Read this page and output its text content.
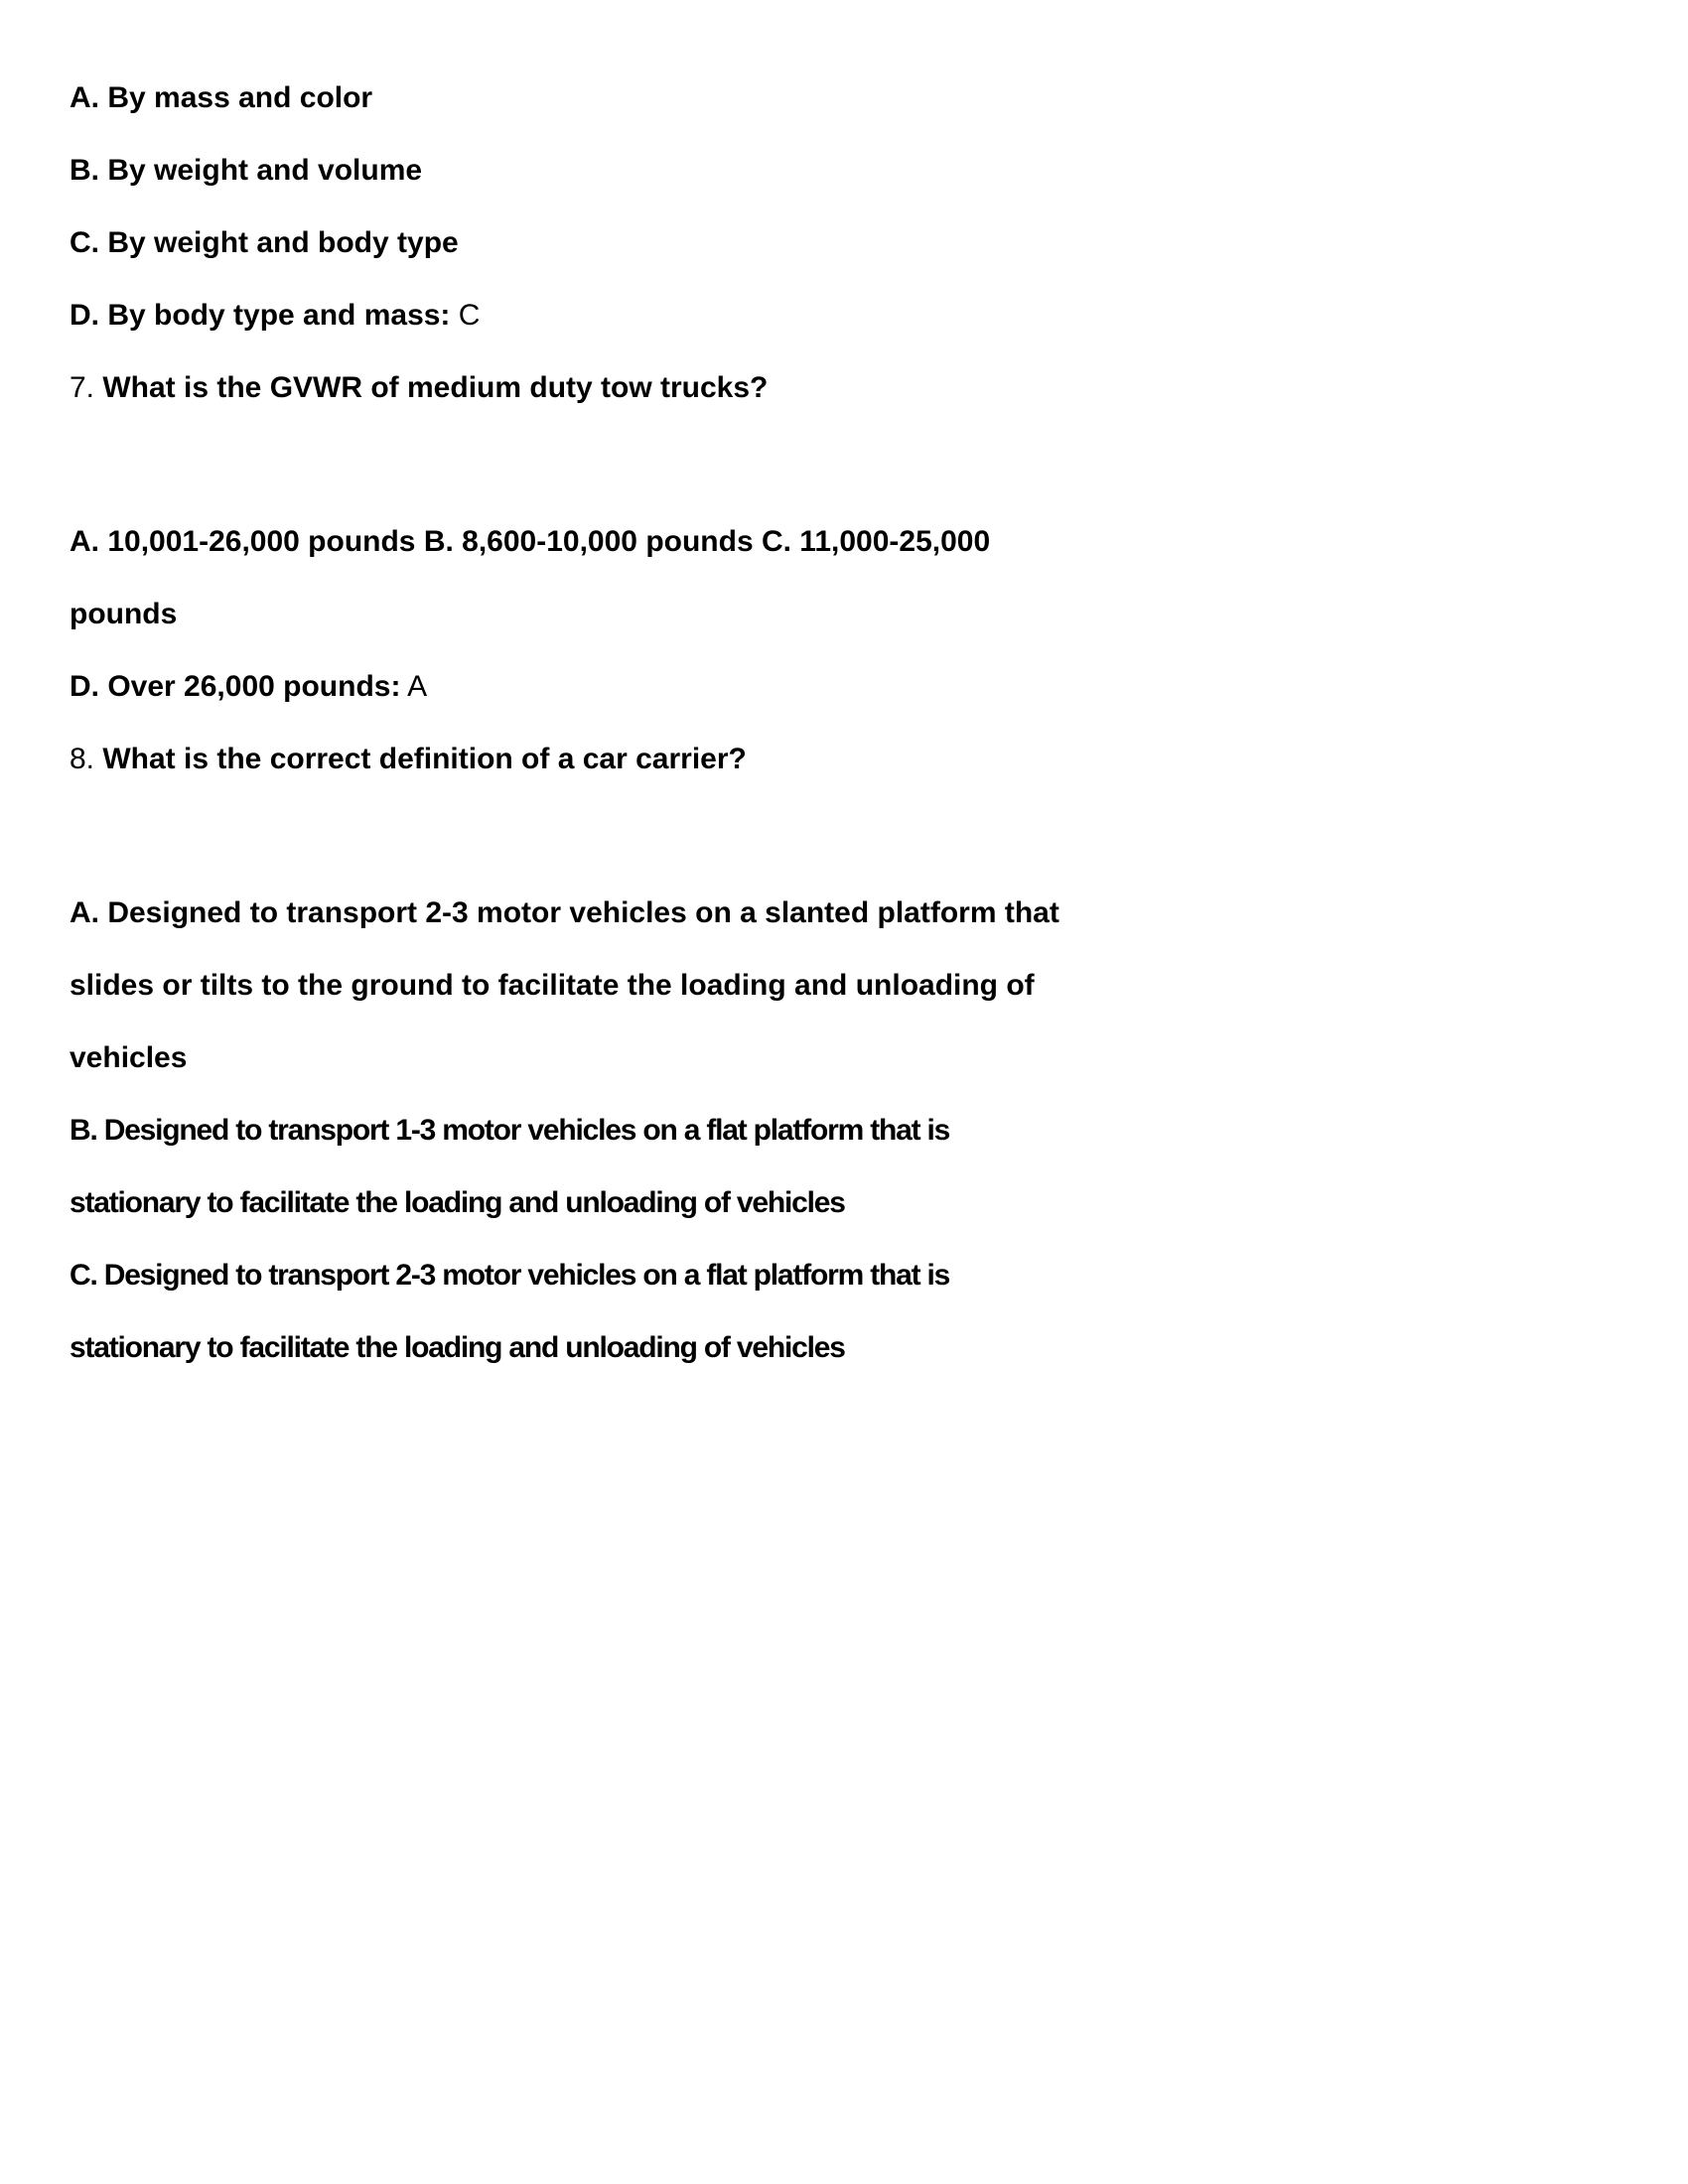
A. By mass and color
B. By weight and volume
C. By weight and body type
D. By body type and mass: C
7. What is the GVWR of medium duty tow trucks?
A. 10,001-26,000 pounds B. 8,600-10,000 pounds C. 11,000-25,000
pounds
D. Over 26,000 pounds: A
8. What is the correct definition of a car carrier?
A. Designed to transport 2-3 motor vehicles on a slanted platform that
slides or tilts to the ground to facilitate the loading and unloading of
vehicles
B. Designed to transport 1-3 motor vehicles on a flat platform that is
stationary to facilitate the loading and unloading of vehicles
C. Designed to transport 2-3 motor vehicles on a flat platform that is
stationary to facilitate the loading and unloading of vehicles
